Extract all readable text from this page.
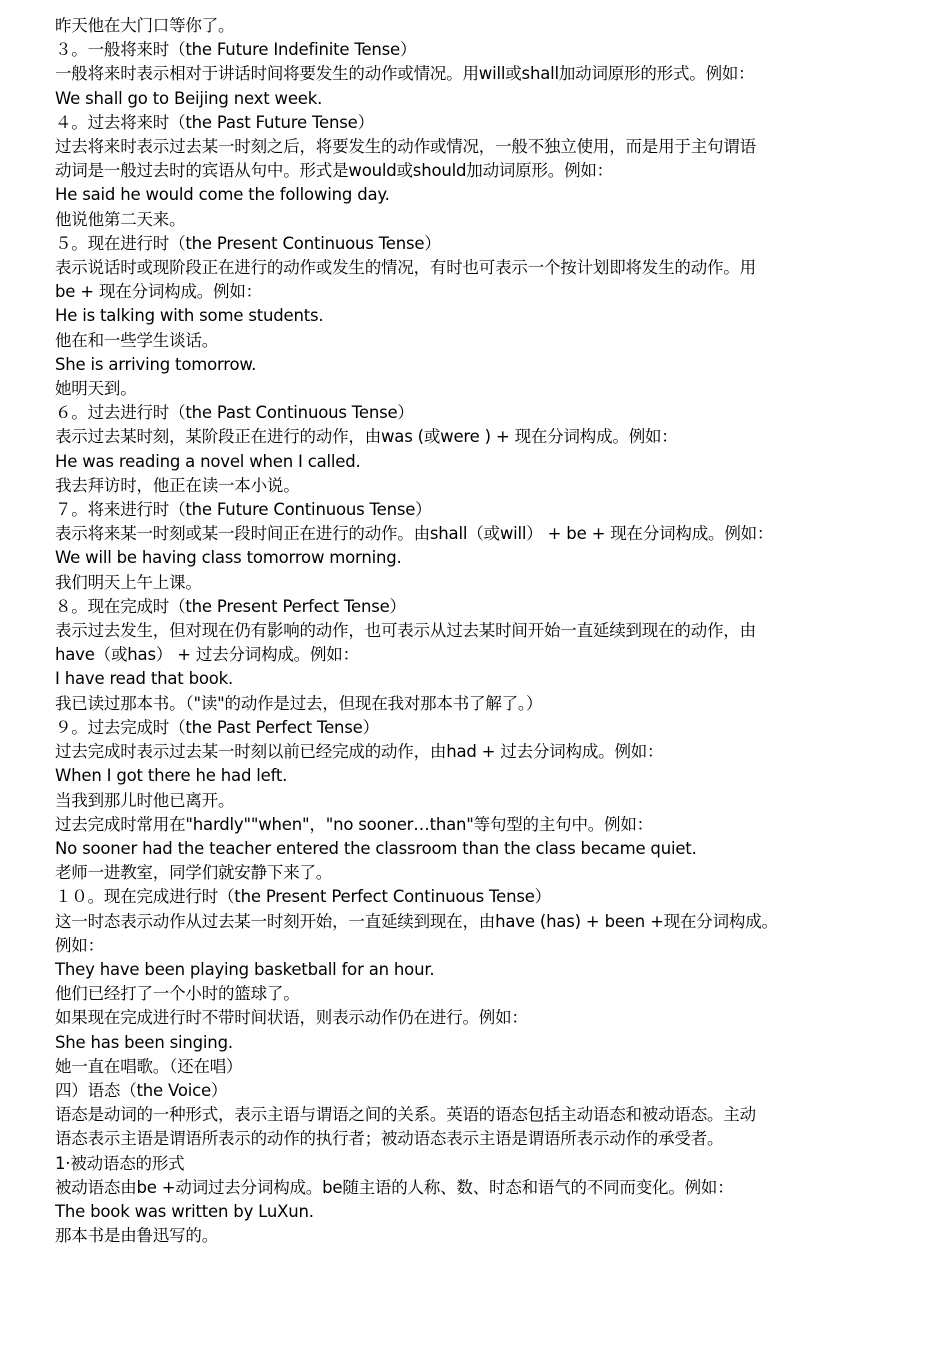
昨天他在大门口等你了。
３。一般将来时（the Future Indefinite Tense）
一般将来时表示相对于讲话时间将要发生的动作或情况。用will或shall加动词原形的形式。例如：
We shall go to Beijing next week.
４。过去将来时（the Past Future Tense）
过去将来时表示过去某一时刻之后，将要发生的动作或情况，一般不独立使用，而是用于主句谓语
动词是一般过去时的宾语从句中。形式是would或should加动词原形。例如：
He said he would come the following day.
他说他第二天来。
５。现在进行时（the Present Continuous Tense）
表示说话时或现阶段正在进行的动作或发生的情况，有时也可表示一个按计划即将发生的动作。用
be + 现在分词构成。例如：
He is talking with some students.
他在和一些学生谈话。
She is arriving tomorrow.
她明天到。
６。过去进行时（the Past Continuous Tense）
表示过去某时刻，某阶段正在进行的动作，由was (或were ) + 现在分词构成。例如：
He was reading a novel when I called.
我去拜访时，他正在读一本小说。
７。将来进行时（the Future Continuous Tense）
表示将来某一时刻或某一段时间正在进行的动作。由shall（或will） + be + 现在分词构成。例如：
We will be having class tomorrow morning.
我们明天上午上课。
８。现在完成时（the Present Perfect Tense）
表示过去发生，但对现在仍有影响的动作，也可表示从过去某时间开始一直延续到现在的动作，由
have（或has） + 过去分词构成。例如：
I have read that book.
我已读过那本书。（"读"的动作是过去，但现在我对那本书了解了。）
９。过去完成时（the Past Perfect Tense）
过去完成时表示过去某一时刻以前已经完成的动作，由had + 过去分词构成。例如：
When I got there he had left.
当我到那儿时他已离开。
过去完成时常用在"hardly""when"，"no sooner…than"等句型的主句中。例如：
No sooner had the teacher entered the classroom than the class became quiet.
老师一进教室，同学们就安静下来了。
１０。现在完成进行时（the Present Perfect Continuous Tense）
这一时态表示动作从过去某一时刻开始，一直延续到现在，由have (has) + been +现在分词构成。
例如：
They have been playing basketball for an hour.
他们已经打了一个小时的篮球了。
如果现在完成进行时不带时间状语，则表示动作仍在进行。例如：
She has been singing.
她一直在唱歌。（还在唱）
四）语态（the Voice）
语态是动词的一种形式，表示主语与谓语之间的关系。英语的语态包括主动语态和被动语态。主动
语态表示主语是谓语所表示的动作的执行者；被动语态表示主语是谓语所表示动作的承受者。
1·被动语态的形式
被动语态由be +动词过去分词构成。be随主语的人称、数、时态和语气的不同而变化。例如：
The book was written by LuXun.
那本书是由鲁迅写的。
